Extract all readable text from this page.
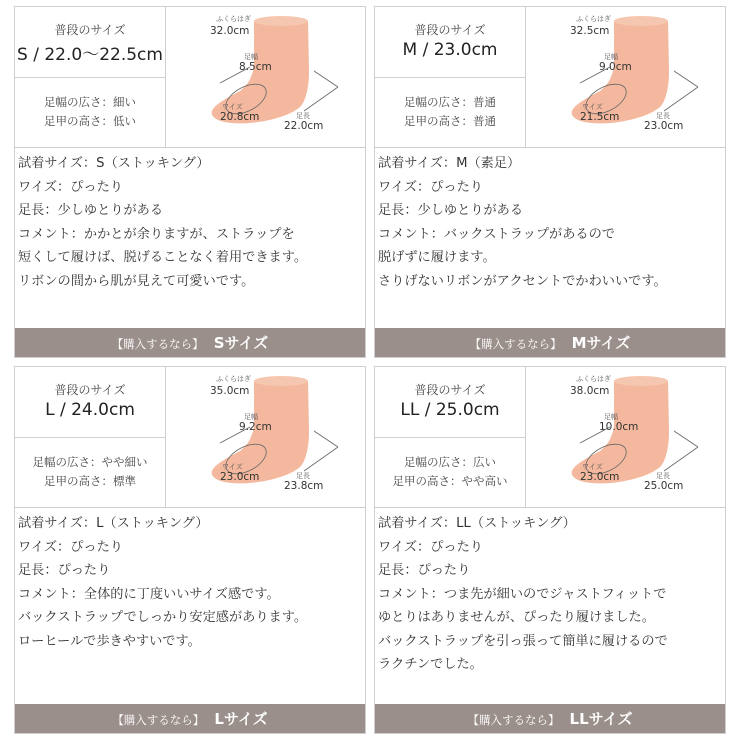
普段のサイズ
S / 22.0〜22.5cm
足幅の広さ：細い
足甲の高さ：低い
ふくらはぎ
32.0cm
足幅
8.5cm
ワイズ
20.8cm	足長
22.0cm
試着サイズ：S（ストッキング）
ワイズ：ぴったり
足長：少しゆとりがある
コメント：かかとが余りますが、ストラップを
短くして履けば、脱げることなく着用できます。
リボンの間から肌が見えて可愛いです。
【購入するなら】 Sサイズ
普段のサイズ
M / 23.0cm
足幅の広さ：普通
足甲の高さ：普通
ふくらはぎ
32.5cm
足幅
9.0cm
ワイズ
21.5cm	足長
23.0cm
試着サイズ：M（素足）
ワイズ：ぴったり
足長：少しゆとりがある
コメント：バックストラップがあるので
脱げずに履けます。
さりげないリボンがアクセントでかわいいです。
【購入するなら】 Mサイズ
普段のサイズ
L / 24.0cm
足幅の広さ：やや細い
足甲の高さ：標準
ふくらはぎ
35.0cm
足幅
9.2cm
ワイズ
23.0cm	足長
23.8cm
試着サイズ：L（ストッキング）
ワイズ：ぴったり
足長：ぴったり
コメント：全体的に丁度いいサイズ感です。
バックストラップでしっかり安定感があります。
ローヒールで歩きやすいです。
【購入するなら】 Lサイズ
普段のサイズ
LL / 25.0cm
足幅の広さ：広い
足甲の高さ：やや高い
ふくらはぎ
38.0cm
足幅
10.0cm
ワイズ
23.0cm	足長
25.0cm
試着サイズ：LL（ストッキング）
ワイズ：ぴったり
足長：ぴったり
コメント：つま先が細いのでジャストフィットで
ゆとりはありませんが、ぴったり履けました。
バックストラップを引っ張って簡単に履けるので
ラクチンでした。
【購入するなら】 LLサイズ
